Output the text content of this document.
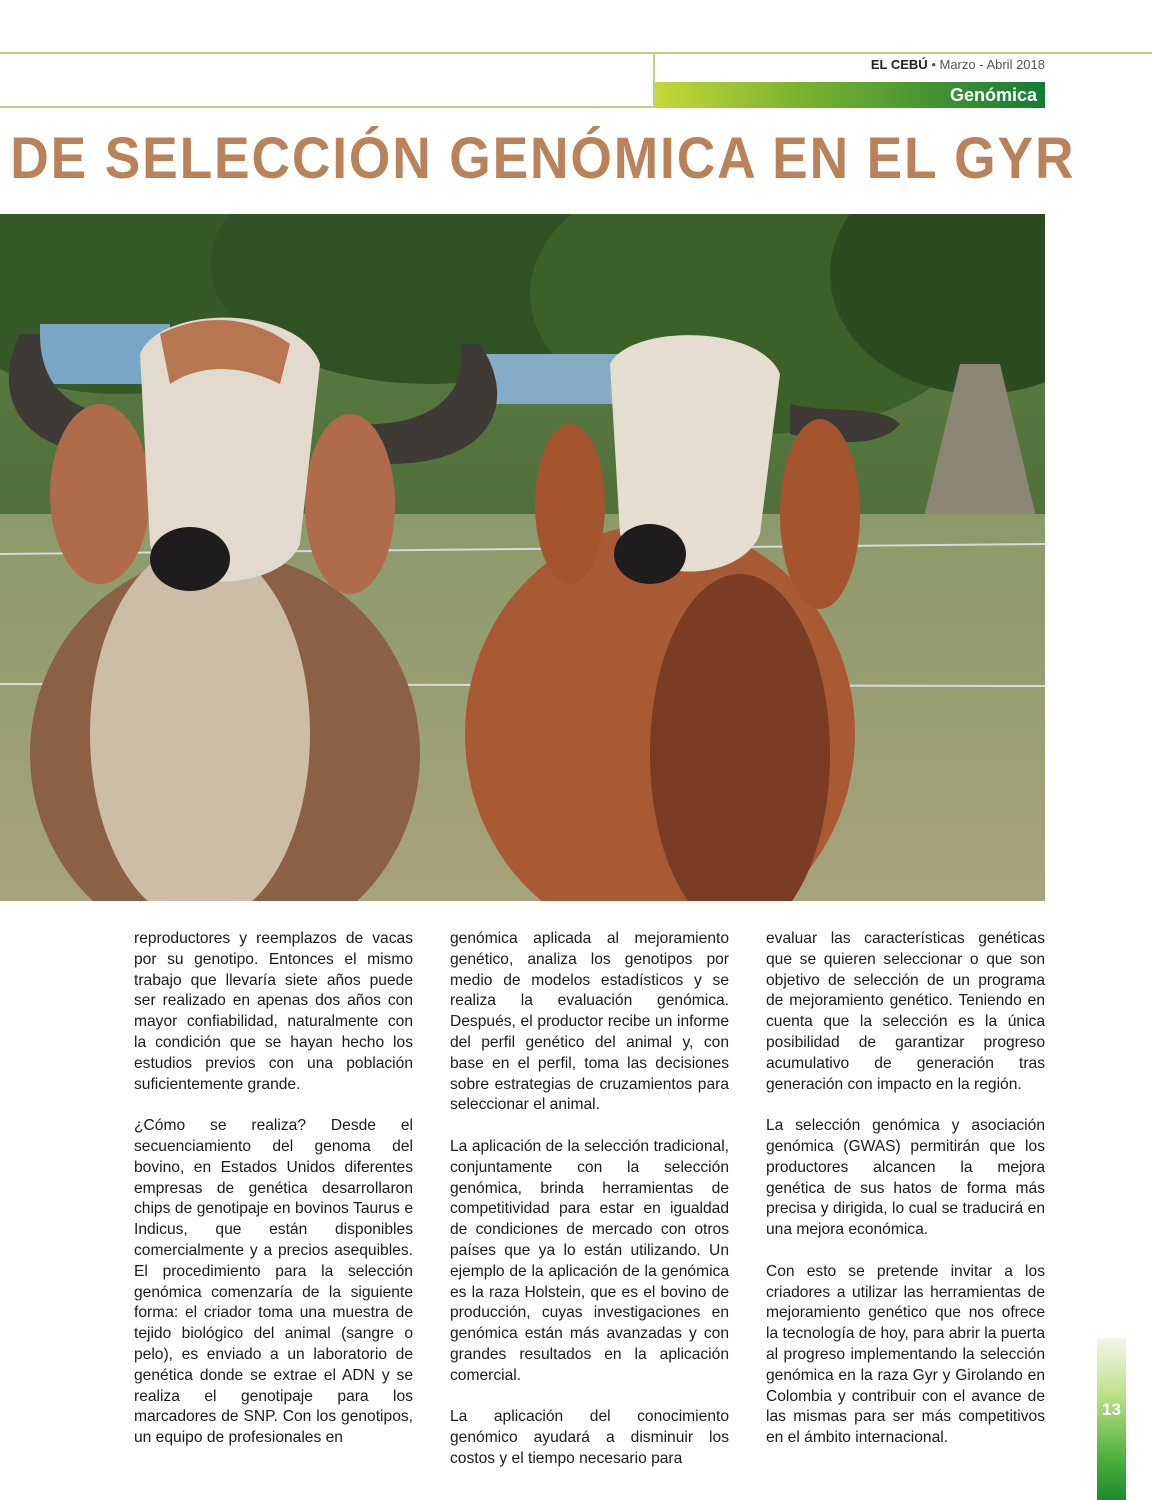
EL CEBÚ • Marzo - Abril 2018
Genómica
DE SELECCIÓN GENÓMICA EN EL GYR

reproductores y reemplazos de vacas por su genotipo. Entonces el mismo trabajo que llevaría siete años puede ser realizado en apenas dos años con mayor confiabilidad, naturalmente con la condición que se hayan hecho los estudios previos con una población suficientemente grande.

¿Cómo se realiza? Desde el secuenciamiento del genoma del bovino, en Estados Unidos diferentes empresas de genética desarrollaron chips de genotipaje en bovinos Taurus e Indicus, que están disponibles comercialmente y a precios asequibles. El procedimiento para la selección genómica comenzaría de la siguiente forma: el criador toma una muestra de tejido biológico del animal (sangre o pelo), es enviado a un laboratorio de genética donde se extrae el ADN y se realiza el genotipaje para los marcadores de SNP. Con los genotipos, un equipo de profesionales en

genómica aplicada al mejoramiento genético, analiza los genotipos por medio de modelos estadísticos y se realiza la evaluación genómica. Después, el productor recibe un informe del perfil genético del animal y, con base en el perfil, toma las decisiones sobre estrategias de cruzamientos para seleccionar el animal.

La aplicación de la selección tradicional, conjuntamente con la selección genómica, brinda herramientas de competitividad para estar en igualdad de condiciones de mercado con otros países que ya lo están utilizando. Un ejemplo de la aplicación de la genómica es la raza Holstein, que es el bovino de producción, cuyas investigaciones en genómica están más avanzadas y con grandes resultados en la aplicación comercial.

La aplicación del conocimiento genómico ayudará a disminuir los costos y el tiempo necesario para

evaluar las características genéticas que se quieren seleccionar o que son objetivo de selección de un programa de mejoramiento genético. Teniendo en cuenta que la selección es la única posibilidad de garantizar progreso acumulativo de generación tras generación con impacto en la región.

La selección genómica y asociación genómica (GWAS) permitirán que los productores alcancen la mejora genética de sus hatos de forma más precisa y dirigida, lo cual se traducirá en una mejora económica.

Con esto se pretende invitar a los criadores a utilizar las herramientas de mejoramiento genético que nos ofrece la tecnología de hoy, para abrir la puerta al progreso implementando la selección genómica en la raza Gyr y Girolando en Colombia y contribuir con el avance de las mismas para ser más competitivos en el ámbito internacional.

13
